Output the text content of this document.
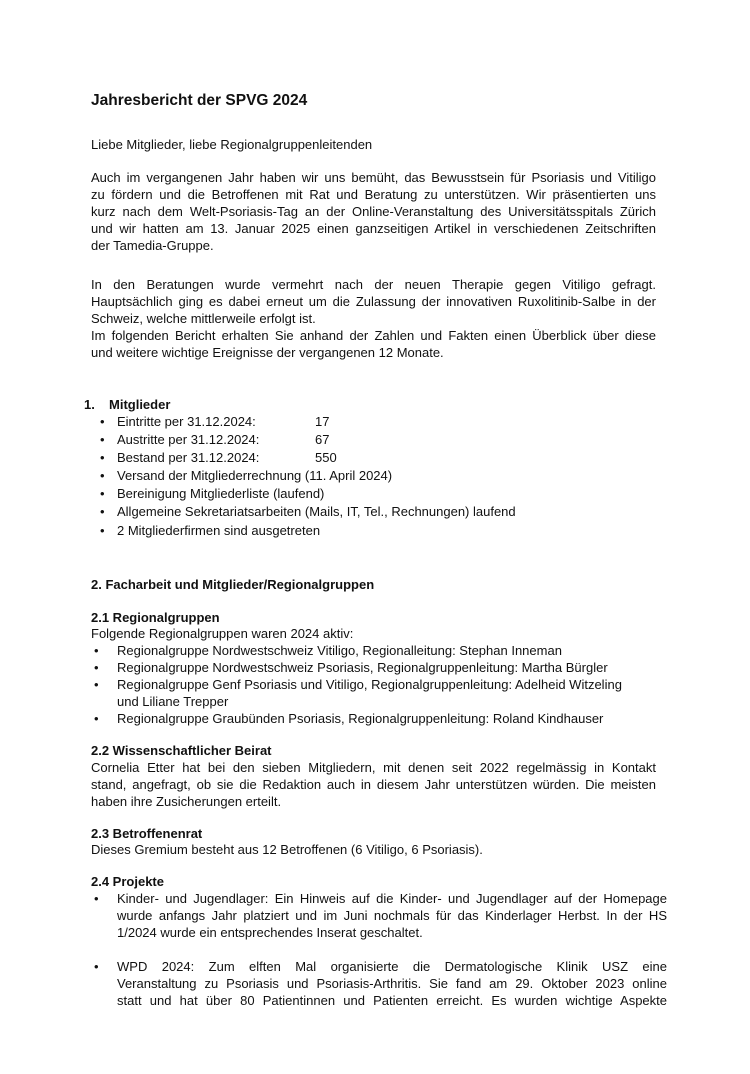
Jahresbericht der SPVG 2024
Liebe Mitglieder, liebe Regionalgruppenleitenden
Auch im vergangenen Jahr haben wir uns bemüht, das Bewusstsein für Psoriasis und Vitiligo
zu fördern und die Betroffenen mit Rat und Beratung zu unterstützen. Wir präsentierten uns
kurz nach dem Welt-Psoriasis-Tag an der Online-Veranstaltung des Universitätsspitals Zürich
und wir hatten am 13. Januar 2025 einen ganzseitigen Artikel in verschiedenen Zeitschriften
der Tamedia-Gruppe.
In den Beratungen wurde vermehrt nach der neuen Therapie gegen Vitiligo gefragt.
Hauptsächlich ging es dabei erneut um die Zulassung der innovativen Ruxolitinib-Salbe in der
Schweiz, welche mittlerweile erfolgt ist.
Im folgenden Bericht erhalten Sie anhand der Zahlen und Fakten einen Überblick über diese
und weitere wichtige Ereignisse der vergangenen 12 Monate.
1. Mitglieder
• Eintritte per 31.12.2024:	17
• Austritte per 31.12.2024:	67
• Bestand per 31.12.2024:	550
• Versand der Mitgliederrechnung (11. April 2024)
• Bereinigung Mitgliederliste (laufend)
• Allgemeine Sekretariatsarbeiten (Mails, IT, Tel., Rechnungen) laufend
• 2 Mitgliederfirmen sind ausgetreten
2. Facharbeit und Mitglieder/Regionalgruppen
2.1 Regionalgruppen
Folgende Regionalgruppen waren 2024 aktiv:
• Regionalgruppe Nordwestschweiz Vitiligo, Regionalleitung: Stephan Inneman
• Regionalgruppe Nordwestschweiz Psoriasis, Regionalgruppenleitung: Martha Bürgler
• Regionalgruppe Genf Psoriasis und Vitiligo, Regionalgruppenleitung: Adelheid Witzeling
und Liliane Trepper
• Regionalgruppe Graubünden Psoriasis, Regionalgruppenleitung: Roland Kindhauser
2.2 Wissenschaftlicher Beirat
Cornelia Etter hat bei den sieben Mitgliedern, mit denen seit 2022 regelmässig in Kontakt
stand, angefragt, ob sie die Redaktion auch in diesem Jahr unterstützen würden. Die meisten
haben ihre Zusicherungen erteilt.
2.3 Betroffenenrat
Dieses Gremium besteht aus 12 Betroffenen (6 Vitiligo, 6 Psoriasis).
2.4 Projekte
• Kinder- und Jugendlager: Ein Hinweis auf die Kinder- und Jugendlager auf der Homepage
wurde anfangs Jahr platziert und im Juni nochmals für das Kinderlager Herbst. In der HS
1/2024 wurde ein entsprechendes Inserat geschaltet.
• WPD 2024: Zum elften Mal organisierte die Dermatologische Klinik USZ eine
Veranstaltung zu Psoriasis und Psoriasis-Arthritis. Sie fand am 29. Oktober 2023 online
statt und hat über 80 Patientinnen und Patienten erreicht. Es wurden wichtige Aspekte
